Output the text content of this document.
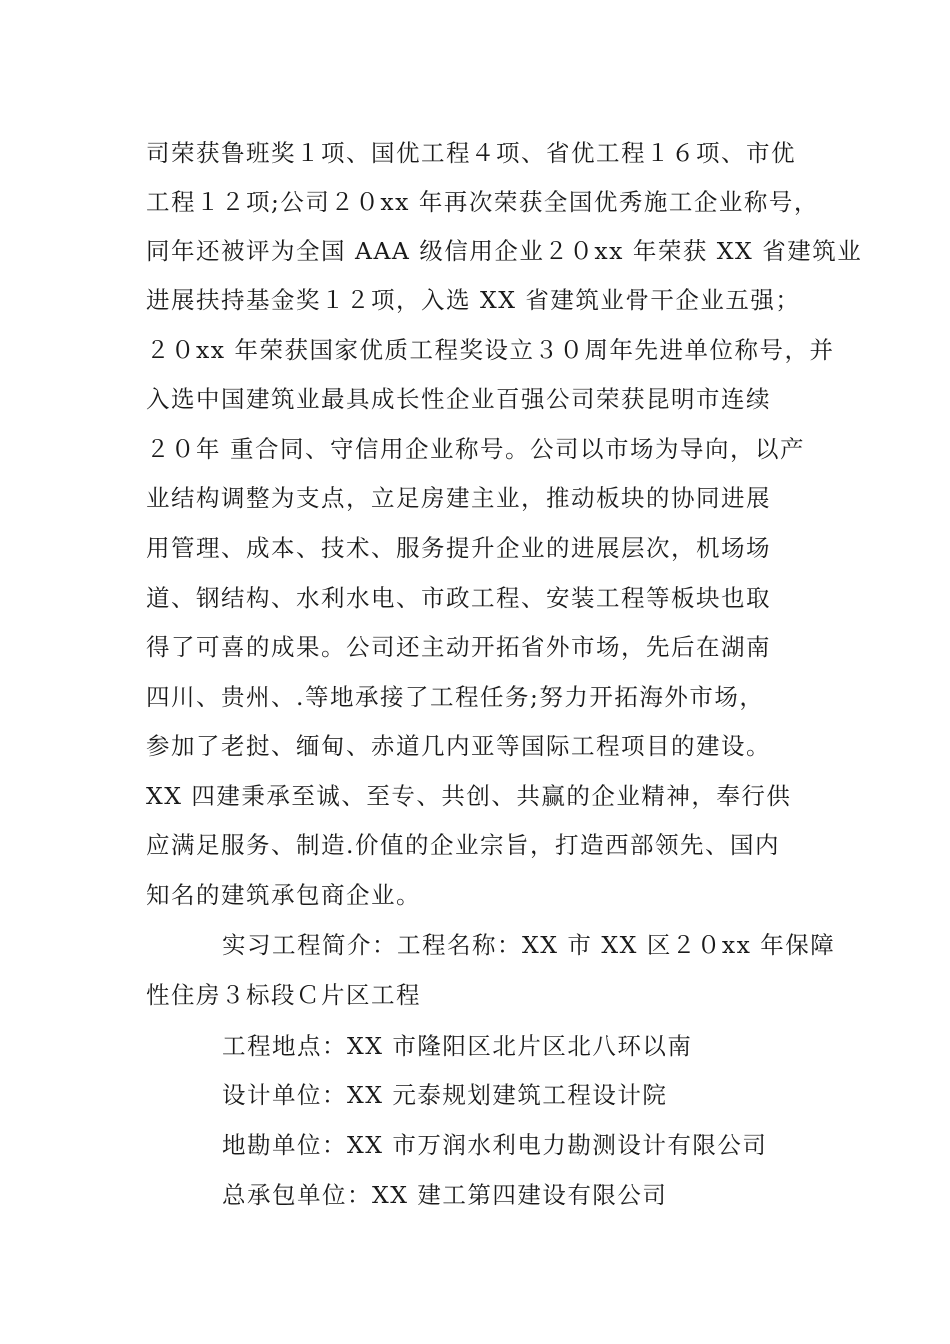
司荣获鲁班奖１项、国优工程４项、省优工程１６项、市优
工程１２项;公司２０xx 年再次荣获全国优秀施工企业称号，
同年还被评为全国 AAA 级信用企业２０xx 年荣获 XX 省建筑业
进展扶持基金奖１２项，入选 XX 省建筑业骨干企业五强；
２０xx 年荣获国家优质工程奖设立３０周年先进单位称号，并
入选中国建筑业最具成长性企业百强公司荣获昆明市连续
２０年 重合同、守信用企业称号。公司以市场为导向，以产
业结构调整为支点，立足房建主业，推动板块的协同进展
用管理、成本、技术、服务提升企业的进展层次，机场场
道、钢结构、水利水电、市政工程、安装工程等板块也取
得了可喜的成果。公司还主动开拓省外市场，先后在湖南
四川、贵州、.等地承接了工程任务;努力开拓海外市场，
参加了老挝、缅甸、赤道几内亚等国际工程项目的建设。
XX 四建秉承至诚、至专、共创、共赢的企业精神，奉行供
应满足服务、制造.价值的企业宗旨，打造西部领先、国内
知名的建筑承包商企业。
实习工程简介：工程名称：XX 市 XX 区２０xx 年保障
性住房３标段Ｃ片区工程
工程地点：XX 市隆阳区北片区北八环以南
设计单位：XX 元泰规划建筑工程设计院
地勘单位：XX 市万润水利电力勘测设计有限公司
总承包单位：XX 建工第四建设有限公司
